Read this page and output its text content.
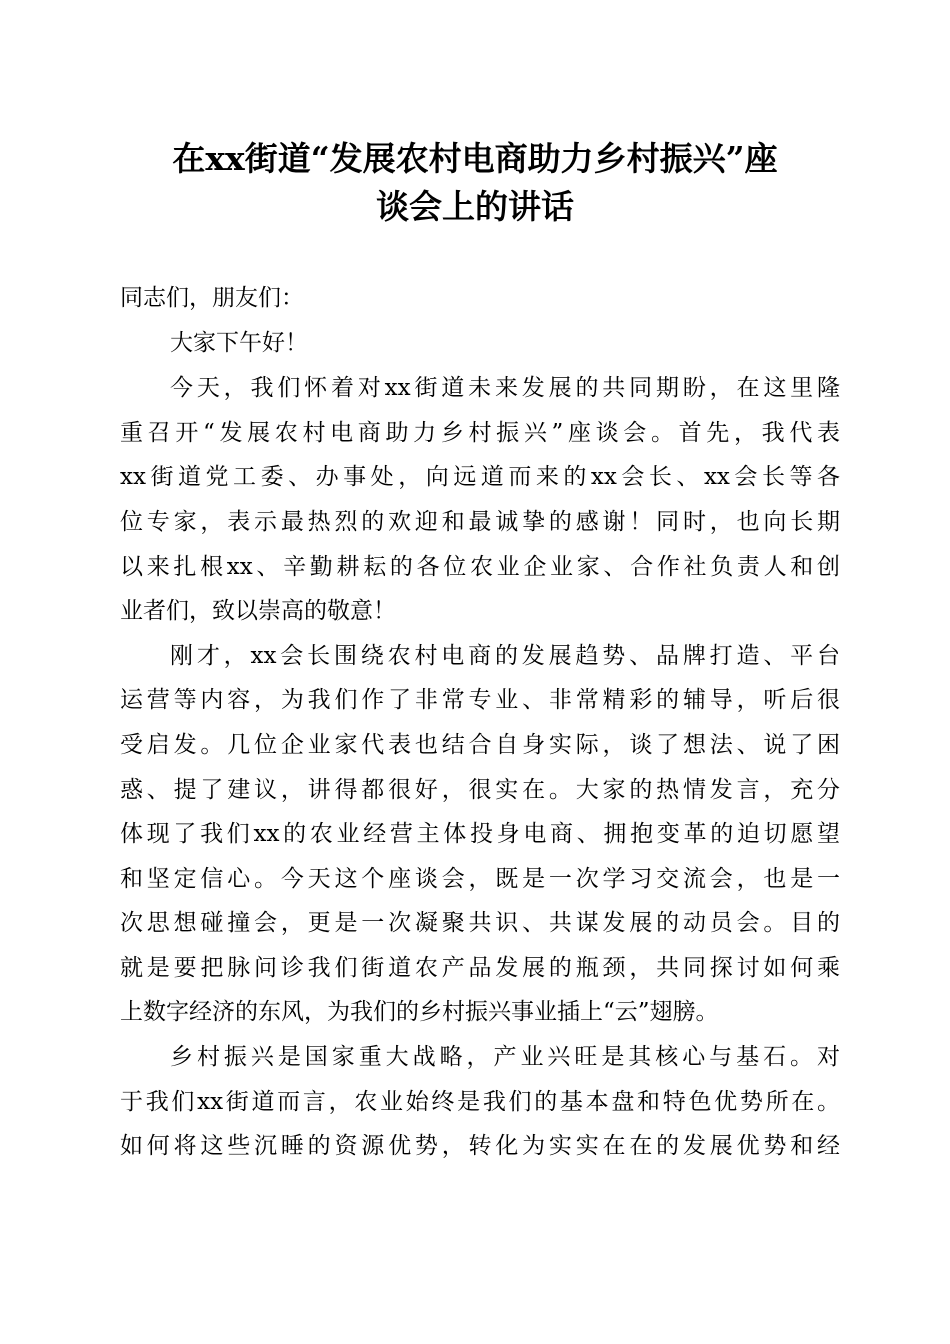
在xx街道“发展农村电商助力乡村振兴”座
谈会上的讲话
同志们，朋友们：
大家下午好！
今天，我们怀着对xx街道未来发展的共同期盼，在这里隆
重召开“发展农村电商助力乡村振兴”座谈会。首先，我代表
xx街道党工委、办事处，向远道而来的xx会长、xx会长等各
位专家，表示最热烈的欢迎和最诚挚的感谢！同时，也向长期
以来扎根xx、辛勤耕耘的各位农业企业家、合作社负责人和创
业者们，致以崇高的敬意！
刚才，xx会长围绕农村电商的发展趋势、品牌打造、平台
运营等内容，为我们作了非常专业、非常精彩的辅导，听后很
受启发。几位企业家代表也结合自身实际，谈了想法、说了困
惑、提了建议，讲得都很好，很实在。大家的热情发言，充分
体现了我们xx的农业经营主体投身电商、拥抱变革的迫切愿望
和坚定信心。今天这个座谈会，既是一次学习交流会，也是一
次思想碰撞会，更是一次凝聚共识、共谋发展的动员会。目的
就是要把脉问诊我们街道农产品发展的瓶颈，共同探讨如何乘
上数字经济的东风，为我们的乡村振兴事业插上“云”翅膀。
乡村振兴是国家重大战略，产业兴旺是其核心与基石。对
于我们xx街道而言，农业始终是我们的基本盘和特色优势所在。
如何将这些沉睡的资源优势，转化为实实在在的发展优势和经
